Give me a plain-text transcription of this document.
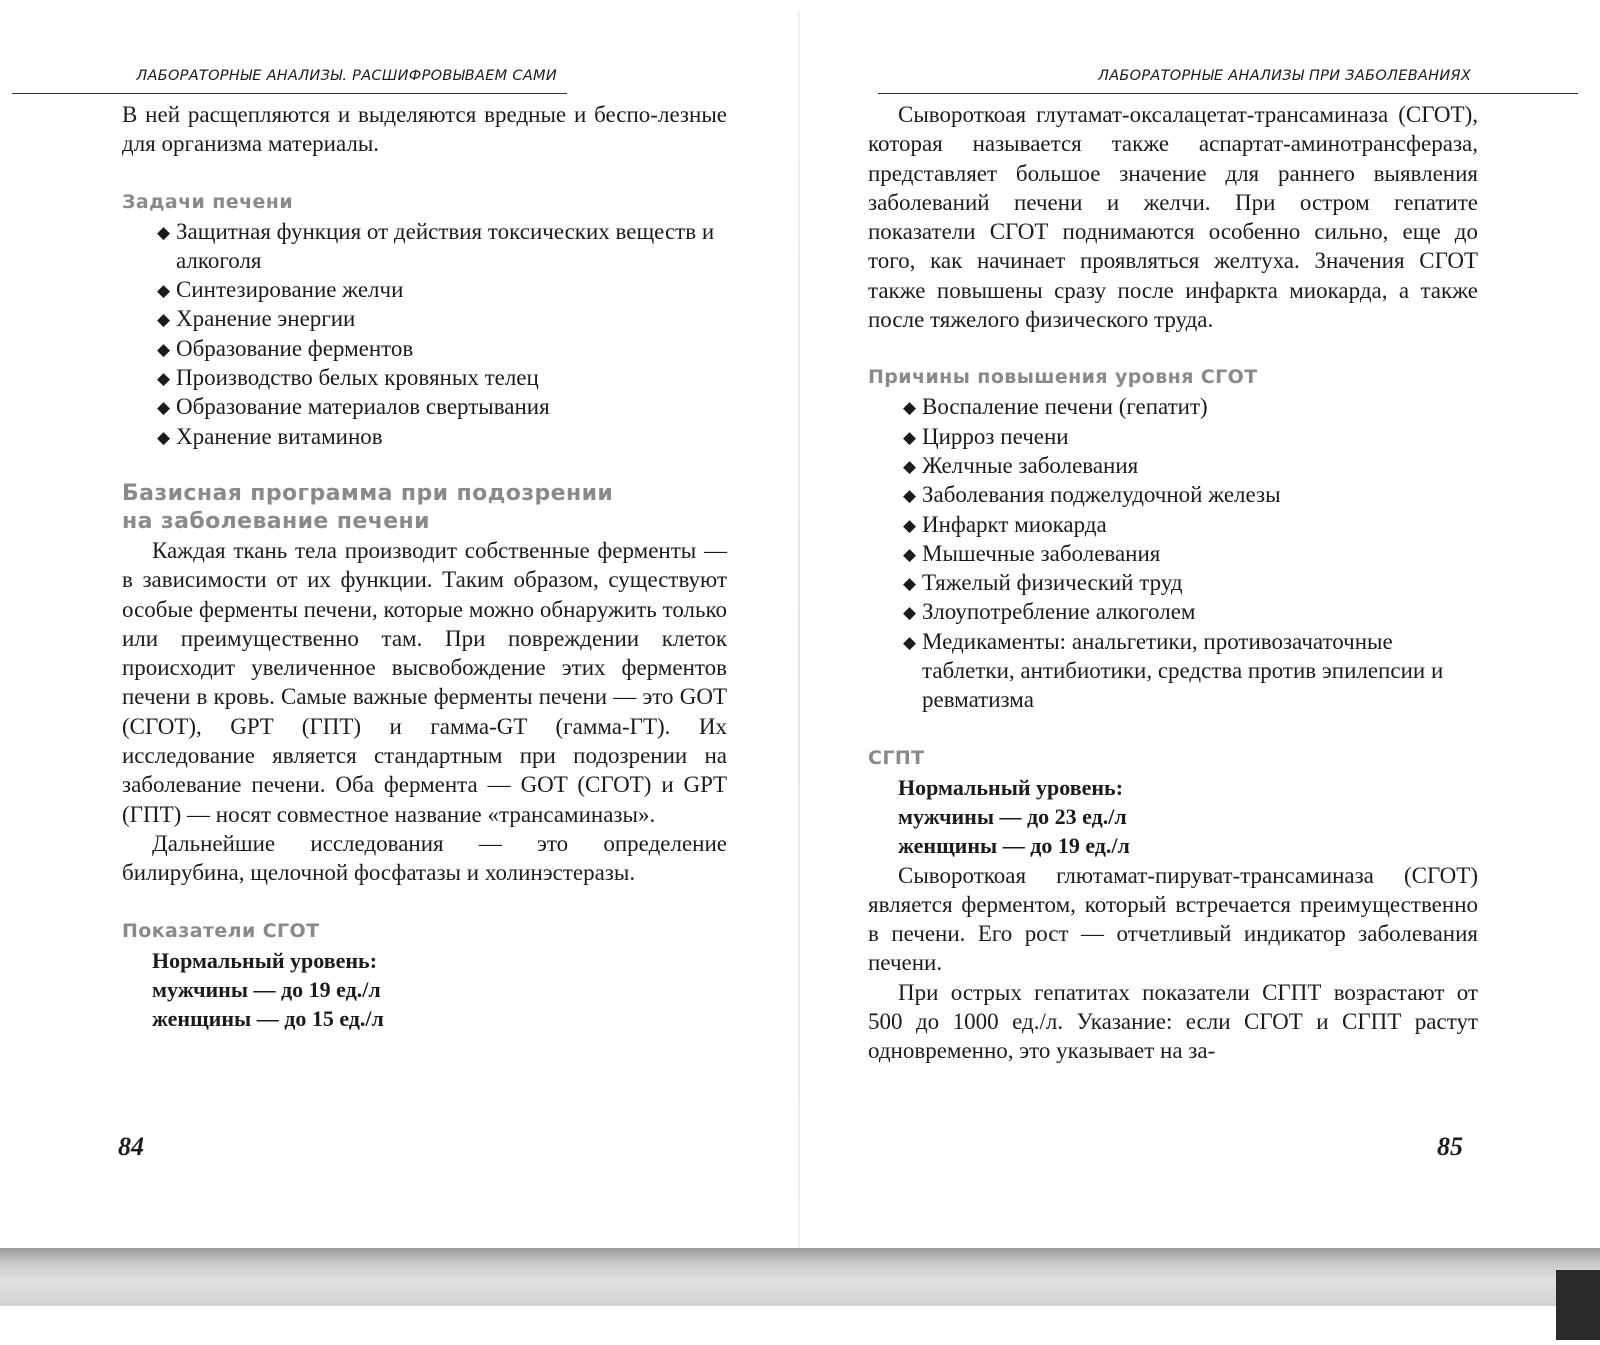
ЛАБОРАТОРНЫЕ АНАЛИЗЫ. РАСШИФРОВЫВАЕМ САМИ	ЛАБОРАТОРНЫЕ АНАЛИЗЫ ПРИ ЗАБОЛЕВАНИЯХ

В ней расщепляются и выделяются вредные и беспо-лезные для организма материалы.

Задачи печени
◆ Защитная функция от действия токсических веществ и алкоголя
◆ Синтезирование желчи
◆ Хранение энергии
◆ Образование ферментов
◆ Производство белых кровяных телец
◆ Образование материалов свертывания
◆ Хранение витаминов
Базисная программа при подозрении
на заболевание печени

Каждая ткань тела производит собственные ферменты — в зависимости от их функции. Таким образом, существуют особые ферменты печени, которые можно обнаружить только или преимущественно там. При повреждении клеток происходит увеличенное высвобождение этих ферментов печени в кровь. Самые важные ферменты печени — это GOT (СГОТ), GPT (ГПТ) и гамма-GT (гамма-ГТ). Их исследование является стандартным при подозрении на заболевание печени. Оба фермента — GOT (СГОТ) и GPT (ГПТ) — носят совместное название «трансаминазы».

Дальнейшие исследования — это определение билирубина, щелочной фосфатазы и холинэстеразы.

Показатели СГОТ
Нормальный уровень:
мужчины — до 19 ед./л
женщины — до 15 ед./л

Сывороткоая глутамат-оксалацетат-трансаминаза (СГОТ), которая называется также аспартат-аминотрансфераза, представляет большое значение для раннего выявления заболеваний печени и желчи. При остром гепатите показатели СГОТ поднимаются особенно сильно, еще до того, как начинает проявляться желтуха. Значения СГОТ также повышены сразу после инфаркта миокарда, а также после тяжелого физического труда.

Причины повышения уровня СГОТ
◆ Воспаление печени (гепатит)
◆ Цирроз печени
◆ Желчные заболевания
◆ Заболевания поджелудочной железы
◆ Инфаркт миокарда
◆ Мышечные заболевания
◆ Тяжелый физический труд
◆ Злоупотребление алкоголем
◆ Медикаменты: анальгетики, противозачаточные таблетки, антибиотики, средства против эпилепсии и ревматизма
СГПТ
Нормальный уровень:
мужчины — до 23 ед./л
женщины — до 19 ед./л

Сывороткоая глютамат-пируват-трансаминаза (СГОТ) является ферментом, который встречается преимущественно в печени. Его рост — отчетливый индикатор заболевания печени.

При острых гепатитах показатели СГПТ возрастают от 500 до 1000 ед./л. Указание: если СГОТ и СГПТ растут одновременно, это указывает на за-

84	85
